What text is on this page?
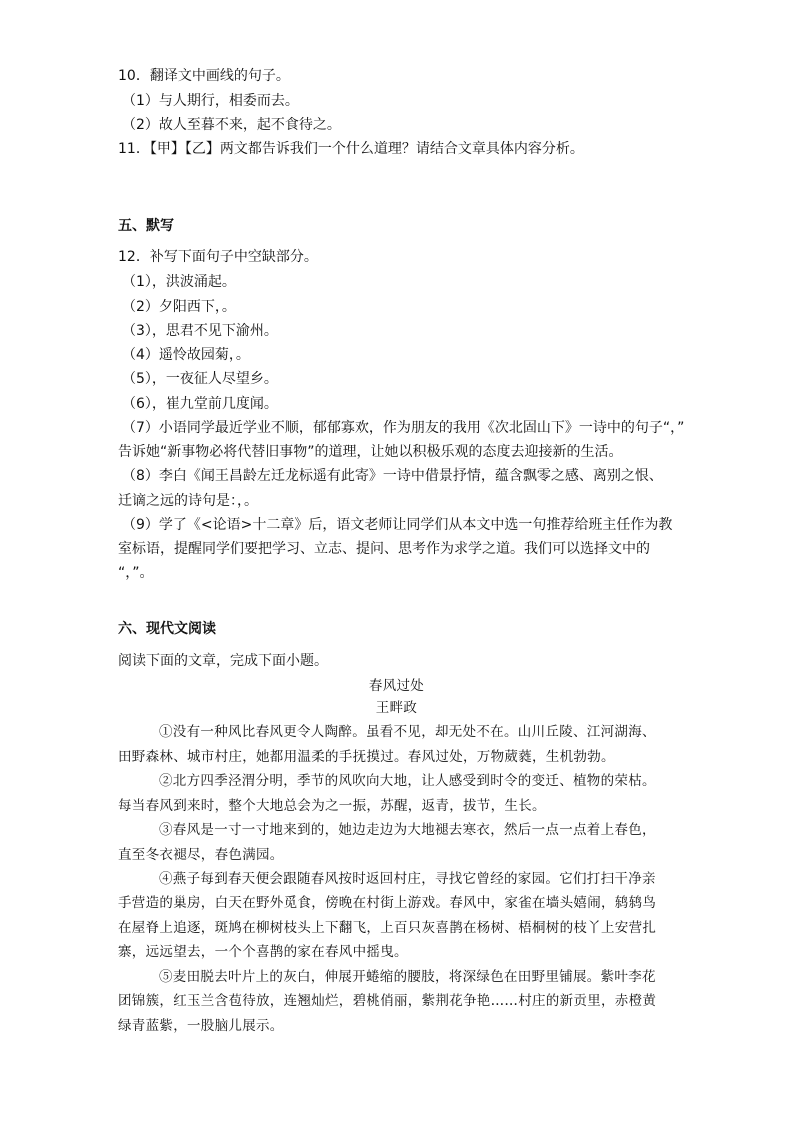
10．翻译文中画线的句子。
（1）与人期行，相委而去。
（2）故人至暮不来，起不食待之。
11．【甲】【乙】两文都告诉我们一个什么道理？请结合文章具体内容分析。
五、默写
12．补写下面句子中空缺部分。
（1），洪波涌起。
（2）夕阳西下，。
（3），思君不见下渝州。
（4）遥怜故园菊，。
（5），一夜征人尽望乡。
（6），崔九堂前几度闻。
（7）小语同学最近学业不顺，郁郁寡欢，作为朋友的我用《次北固山下》一诗中的句子“，”
告诉她“新事物必将代替旧事物”的道理，让她以积极乐观的态度去迎接新的生活。
（8）李白《闻王昌龄左迁龙标遥有此寄》一诗中借景抒情，蕴含飘零之感、离别之恨、
迁谪之远的诗句是：，。
（9）学了《<论语>十二章》后，语文老师让同学们从本文中选一句推荐给班主任作为教
室标语，提醒同学们要把学习、立志、提问、思考作为求学之道。我们可以选择文中的
“，”。
六、现代文阅读
阅读下面的文章，完成下面小题。
春风过处
王畔政
①没有一种风比春风更令人陶醉。虽看不见，却无处不在。山川丘陵、江河湖海、
田野森林、城市村庄，她都用温柔的手抚摸过。春风过处，万物葳蕤，生机勃勃。
②北方四季泾渭分明，季节的风吹向大地，让人感受到时令的变迁、植物的荣枯。
每当春风到来时，整个大地总会为之一振，苏醒，返青，拔节，生长。
③春风是一寸一寸地来到的，她边走边为大地褪去寒衣，然后一点一点着上春色，
直至冬衣褪尽，春色满园。
④燕子每到春天便会跟随春风按时返回村庄，寻找它曾经的家园。它们打扫干净亲
手营造的巢房，白天在野外觅食，傍晚在村街上游戏。春风中，家雀在墙头嬉闹，鸫鸫鸟
在屋脊上追逐，斑鸠在柳树枝头上下翻飞，上百只灰喜鹊在杨树、梧桐树的枝丫上安营扎
寨，远远望去，一个个喜鹊的家在春风中摇曳。
⑤麦田脱去叶片上的灰白，伸展开蜷缩的腰肢，将深绿色在田野里铺展。紫叶李花
团锦簇，红玉兰含苞待放，连翘灿烂，碧桃俏丽，紫荆花争艳……村庄的新贡里，赤橙黄
绿青蓝紫，一股脑儿展示。
